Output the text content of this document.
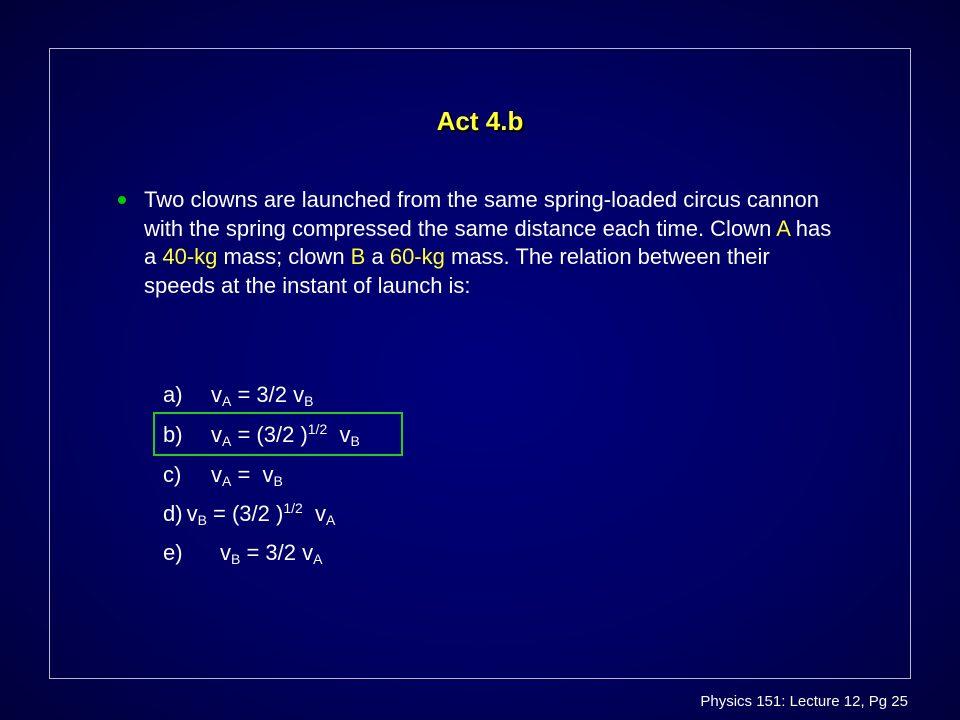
Act 4.b

Two clowns are launched from the same spring-loaded circus cannon with the spring compressed the same distance each time. Clown A has a 40-kg mass; clown B a 60-kg mass. The relation between their speeds at the instant of launch is:

a) $v_A = 3/2$ $v_B$
b) $v_A = (3/2$ )$^{1/2}$ $v_B$
c) $v_A = v_B$
d) $v_B = (3/2$ )$^{1/2}$ $v_A$
e) $v_B = 3/2$ $v_A$
Physics 151: Lecture 12, Pg 25
